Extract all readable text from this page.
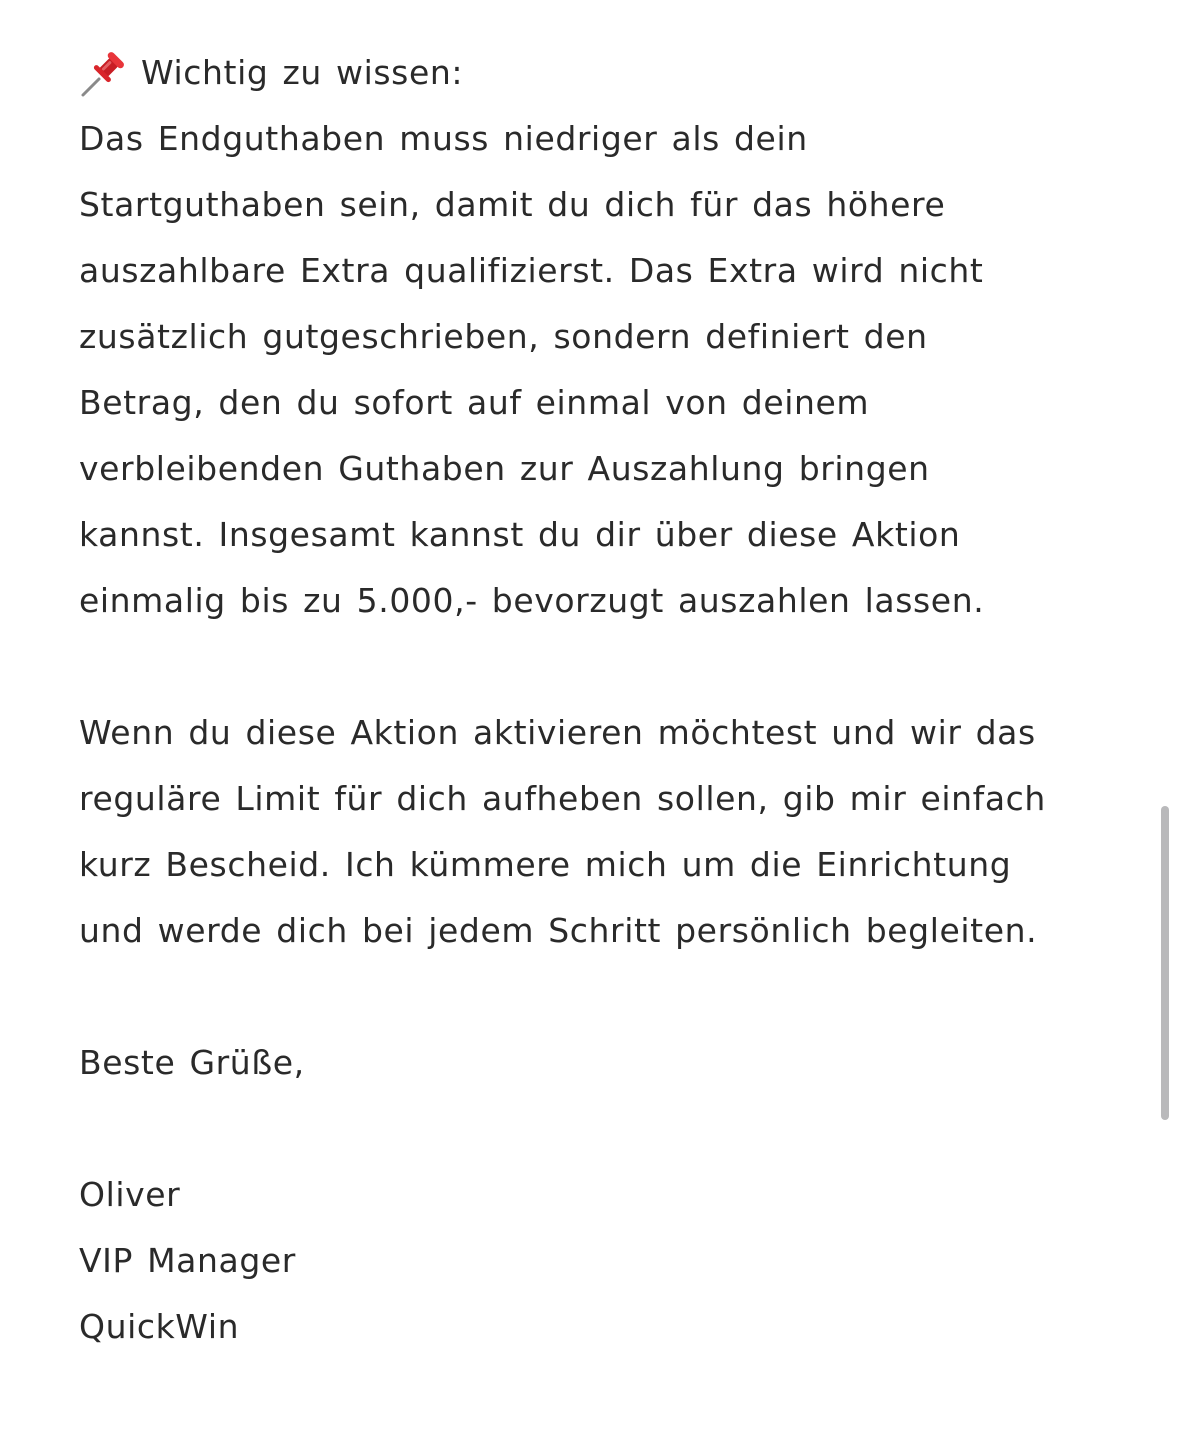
Wichtig zu wissen:
Das Endguthaben muss niedriger als dein
Startguthaben sein, damit du dich für das höhere
auszahlbare Extra qualifizierst. Das Extra wird nicht
zusätzlich gutgeschrieben, sondern definiert den
Betrag, den du sofort auf einmal von deinem
verbleibenden Guthaben zur Auszahlung bringen
kannst. Insgesamt kannst du dir über diese Aktion
einmalig bis zu 5.000,- bevorzugt auszahlen lassen.
Wenn du diese Aktion aktivieren möchtest und wir das
reguläre Limit für dich aufheben sollen, gib mir einfach
kurz Bescheid. Ich kümmere mich um die Einrichtung
und werde dich bei jedem Schritt persönlich begleiten.
Beste Grüße,
Oliver
VIP Manager
QuickWin
